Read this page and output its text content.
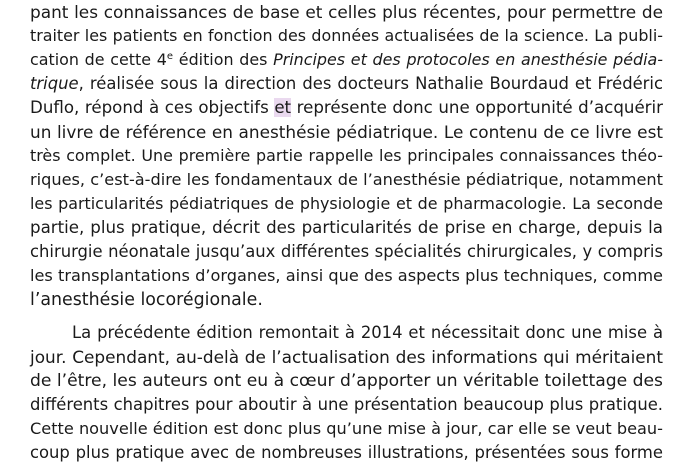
pant les connaissances de base et celles plus récentes, pour permettre de
traiter les patients en fonction des données actualisées de la science. La publi-
cation de cette 4e édition des Principes et des protocoles en anesthésie pédia-
trique, réalisée sous la direction des docteurs Nathalie Bourdaud et Frédéric
Duflo, répond à ces objectifs et représente donc une opportunité d’acquérir
un livre de référence en anesthésie pédiatrique. Le contenu de ce livre est
très complet. Une première partie rappelle les principales connaissances théo-
riques, c’est-à-dire les fondamentaux de l’anesthésie pédiatrique, notamment
les particularités pédiatriques de physiologie et de pharmacologie. La seconde
partie, plus pratique, décrit des particularités de prise en charge, depuis la
chirurgie néonatale jusqu’aux différentes spécialités chirurgicales, y compris
les transplantations d’organes, ainsi que des aspects plus techniques, comme
l’anesthésie locorégionale.
La précédente édition remontait à 2014 et nécessitait donc une mise à
jour. Cependant, au-delà de l’actualisation des informations qui méritaient
de l’être, les auteurs ont eu à cœur d’apporter un véritable toilettage des
différents chapitres pour aboutir à une présentation beaucoup plus pratique.
Cette nouvelle édition est donc plus qu’une mise à jour, car elle se veut beau-
coup plus pratique avec de nombreuses illustrations, présentées sous forme
